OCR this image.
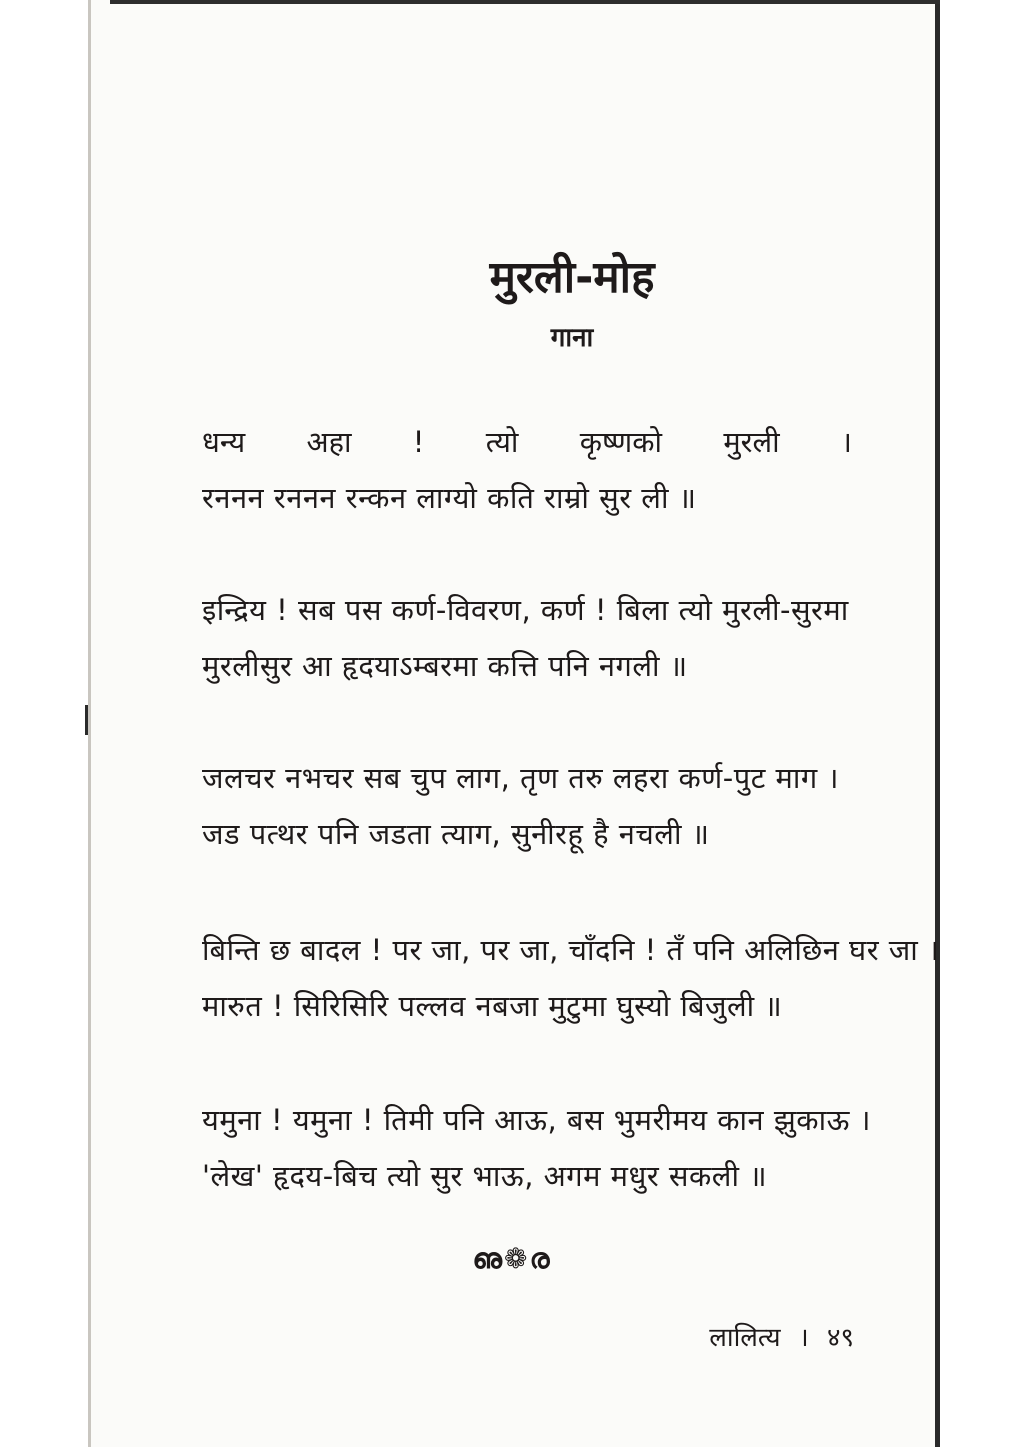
मुरली-मोह
गाना
धन्य अहा ! त्यो कृष्णको मुरली ।
रननन रननन रन्कन लाग्यो कति राम्रो सुर ली ॥
इन्द्रिय ! सब पस कर्ण-विवरण, कर्ण ! बिला त्यो मुरली-सुरमा
मुरलीसुर आ हृदयाऽम्बरमा कत्ति पनि नगली ॥
जलचर नभचर सब चुप लाग, तृण तरु लहरा कर्ण-पुट माग ।
जड पत्थर पनि जडता त्याग, सुनीरहू है नचली ॥
बिन्ति छ बादल ! पर जा, पर जा, चाँदनि ! तँ पनि अलिछिन घर जा ।
मारुत ! सिरिसिरि पल्लव नबजा मुटुमा घुस्यो बिजुली ॥
यमुना ! यमुना ! तिमी पनि आऊ, बस भुमरीमय कान झुकाऊ ।
'लेख' हृदय-बिच त्यो सुर भाऊ, अगम मधुर सकली ॥
ഌ❁ര
लालित्य । ४९
